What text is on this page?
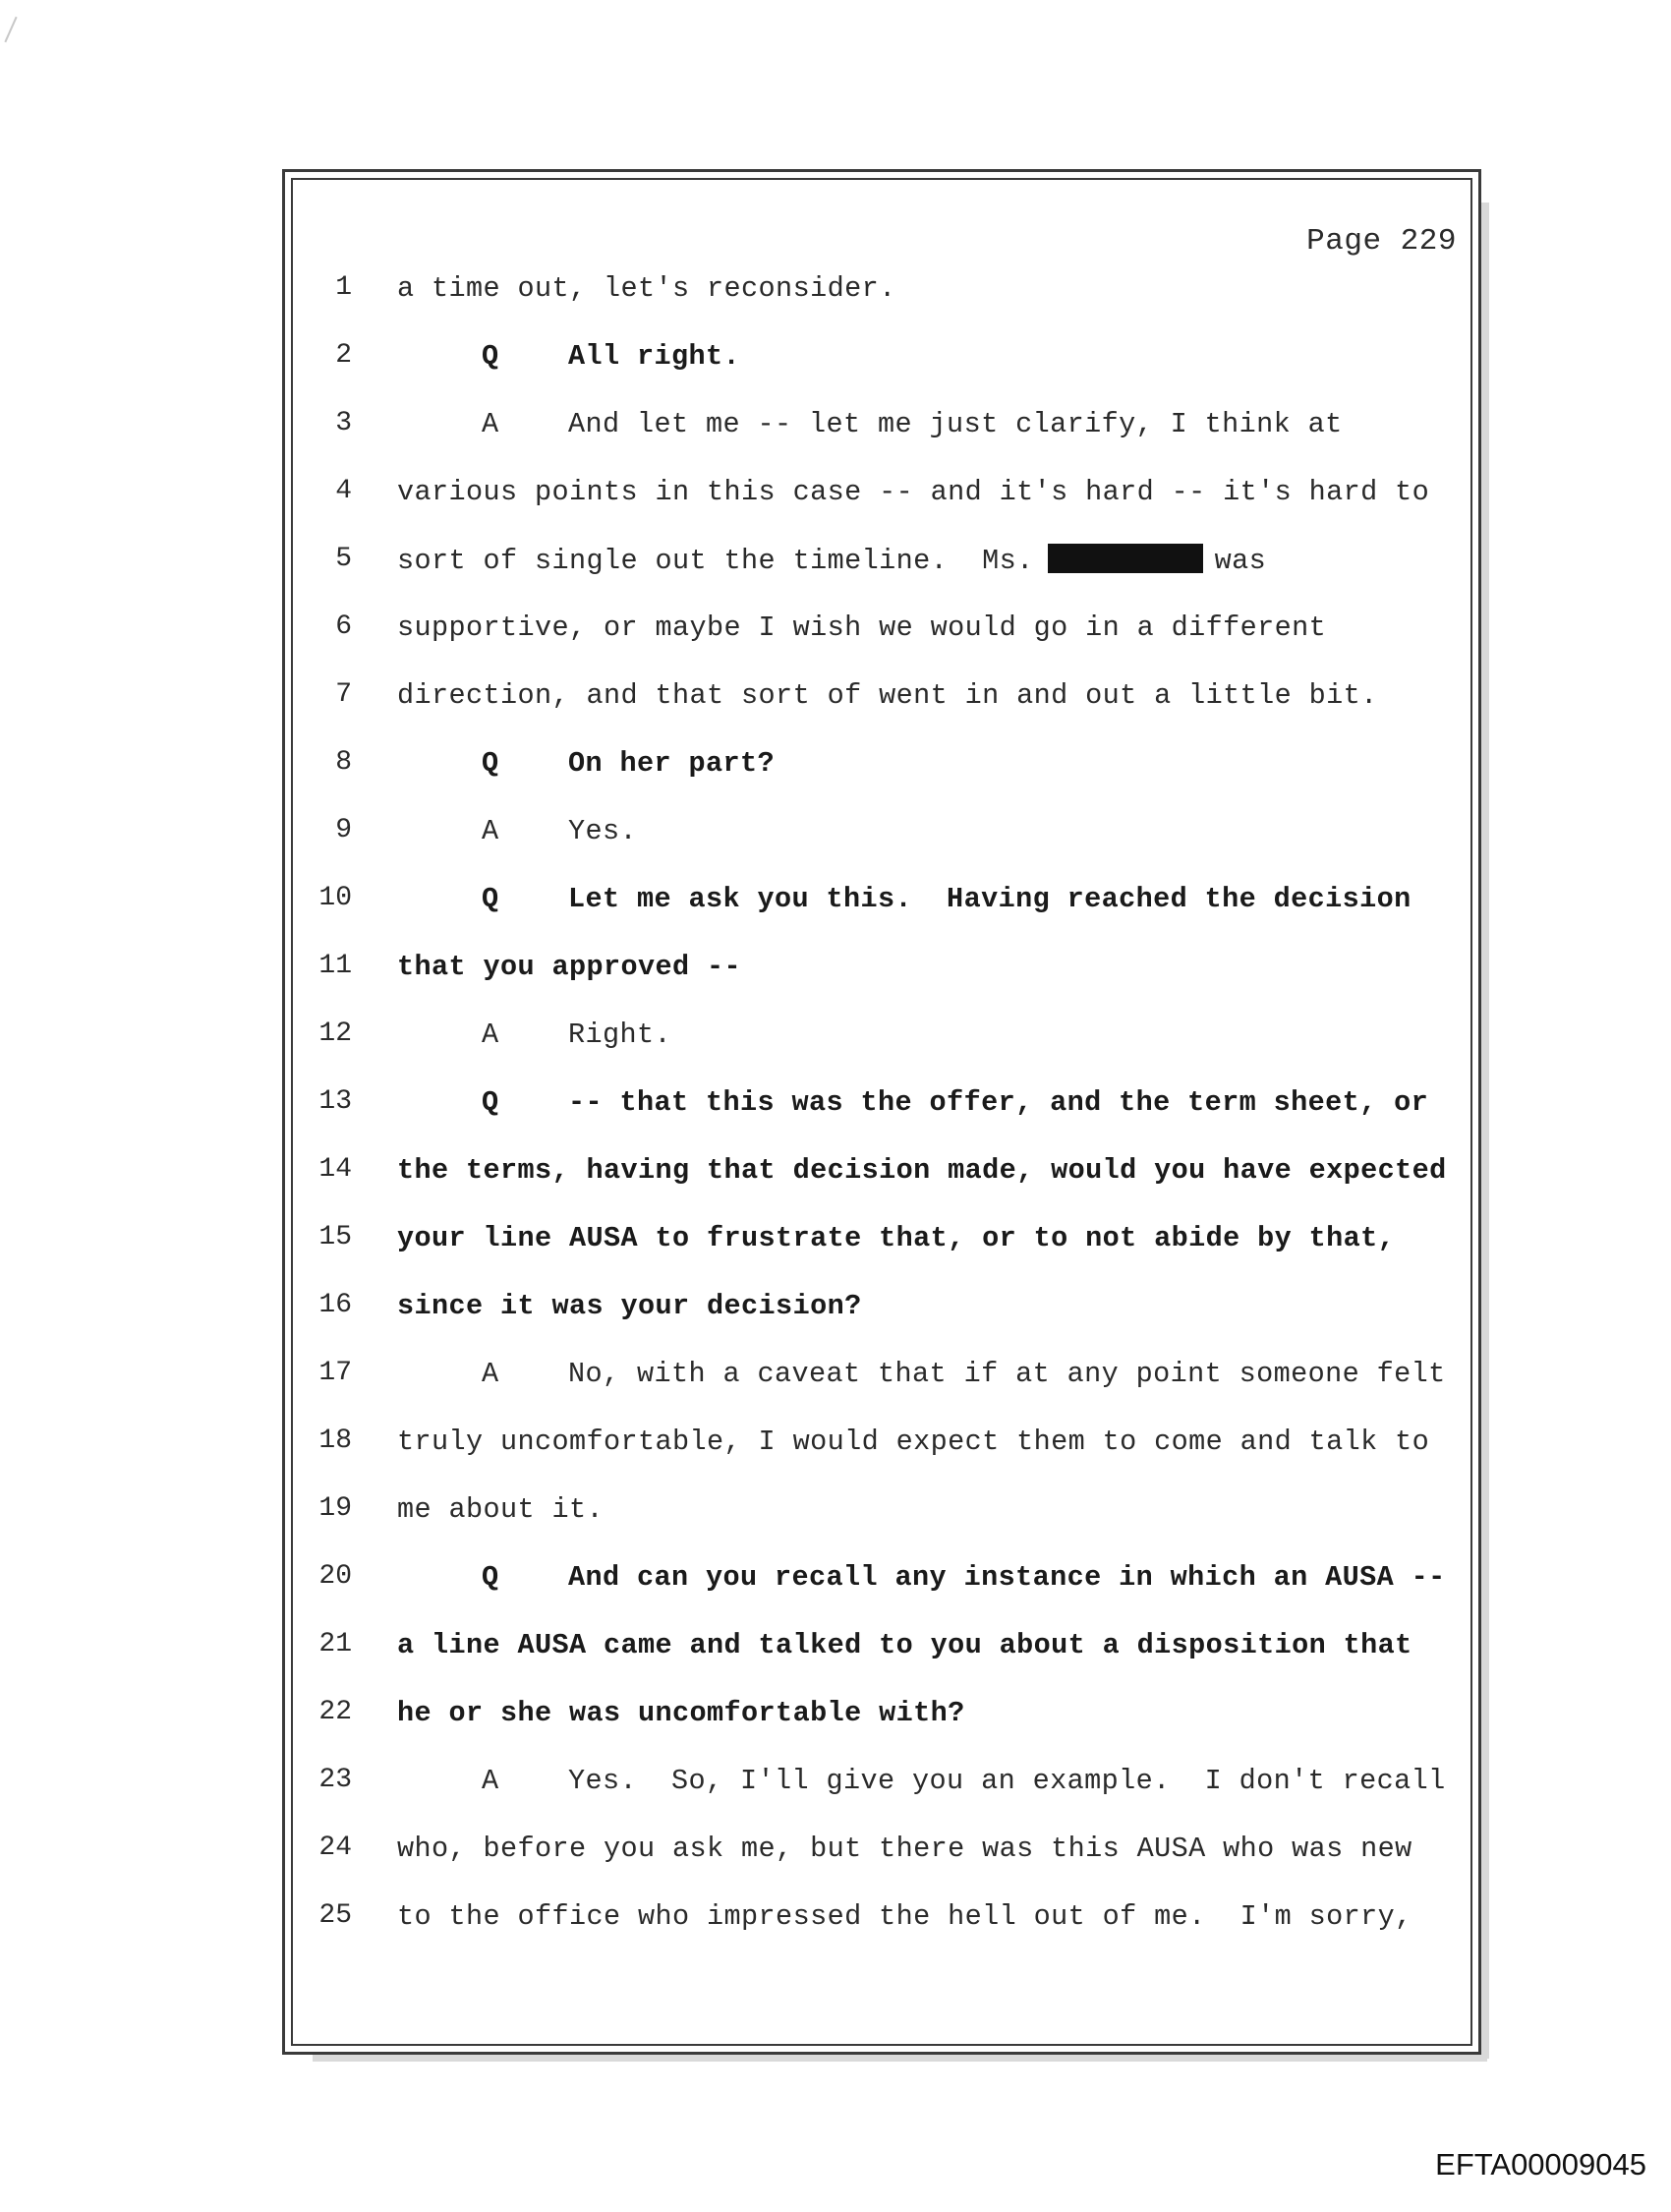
Page 229
1 a time out, let's reconsider.
2	Q All right.
3	A And let me -- let me just clarify, I think at
4 various points in this case -- and it's hard -- it's hard to
5 sort of single out the timeline.  Ms.	was
6 supportive, or maybe I wish we would go in a different
7 direction, and that sort of went in and out a little bit.
8	Q On her part?
9	A Yes.
10	Q Let me ask you this.  Having reached the decision
11 that you approved --
12	A Right.
13	Q -- that this was the offer, and the term sheet, or
14 the terms, having that decision made, would you have expected
15 your line AUSA to frustrate that, or to not abide by that,
16 since it was your decision?
17	A No, with a caveat that if at any point someone felt
18 truly uncomfortable, I would expect them to come and talk to
19 me about it.
20	Q And can you recall any instance in which an AUSA --
21 a line AUSA came and talked to you about a disposition that
22 he or she was uncomfortable with?
23	A Yes.  So, I'll give you an example.  I don't recall
24 who, before you ask me, but there was this AUSA who was new
25 to the office who impressed the hell out of me.  I'm sorry,
EFTA00009045
